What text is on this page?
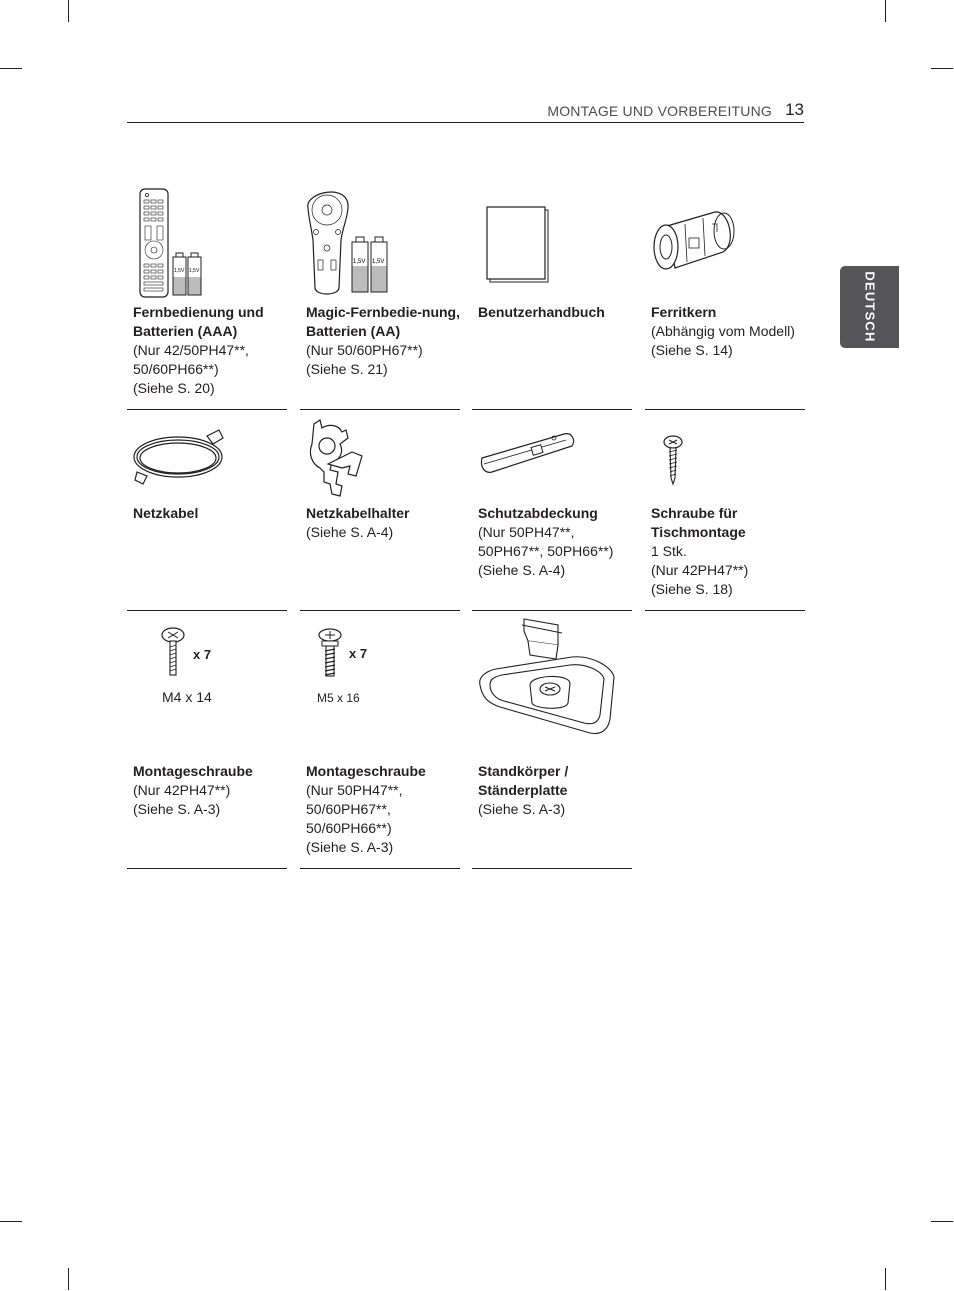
MONTAGE UND VORBEREITUNG 13
DEUTSCH
1,5V 1,5V
Fernbedienung und Batterien (AAA)
(Nur 42/50PH47**,
50/60PH66**)
(Siehe S. 20)
1,5V 1,5V
Magic-Fernbedie-nung, Batterien (AA)
(Nur 50/60PH67**)
(Siehe S. 21)
Benutzerhandbuch	Ferritkern
(Abhängig vom Modell)
(Siehe S. 14)
Netzkabel	Netzkabelhalter
(Siehe S. A-4)
Schutzabdeckung
(Nur 50PH47**,
50PH67**, 50PH66**)
(Siehe S. A-4)
Schraube für
Tischmontage
1 Stk.
(Nur 42PH47**)
(Siehe S. 18)
x 7
M4 x 14
Montageschraube
(Nur 42PH47**)
(Siehe S. A-3)
x 7
M5 x 16
Montageschraube
(Nur 50PH47**,
50/60PH67**,
50/60PH66**)
(Siehe S. A-3)
Standkörper /
Ständerplatte
(Siehe S. A-3)
